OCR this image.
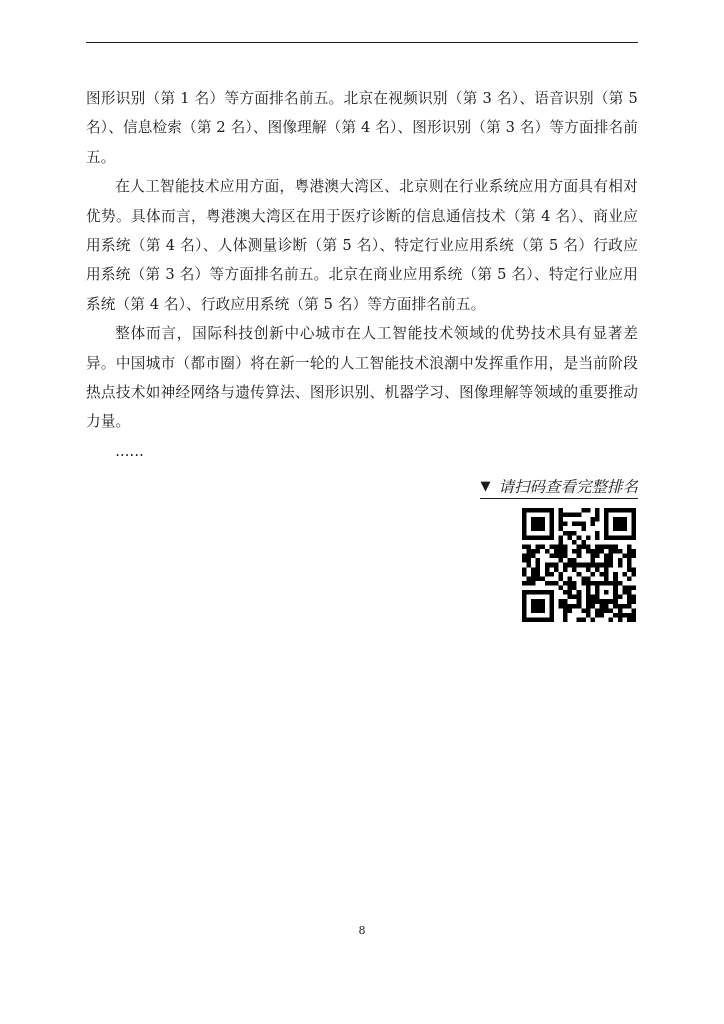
图形识别（第 1 名）等方面排名前五。北京在视频识别（第 3 名）、语音识别（第 5 名）、信息检索（第 2 名）、图像理解（第 4 名）、图形识别（第 3 名）等方面排名前五。

在人工智能技术应用方面，粤港澳大湾区、北京则在行业系统应用方面具有相对优势。具体而言，粤港澳大湾区在用于医疗诊断的信息通信技术（第 4 名）、商业应用系统（第 4 名）、人体测量诊断（第 5 名）、特定行业应用系统（第 5 名）行政应用系统（第 3 名）等方面排名前五。北京在商业应用系统（第 5 名）、特定行业应用系统（第 4 名）、行政应用系统（第 5 名）等方面排名前五。

整体而言，国际科技创新中心城市在人工智能技术领域的优势技术具有显著差异。中国城市（都市圈）将在新一轮的人工智能技术浪潮中发挥重作用，是当前阶段热点技术如神经网络与遗传算法、图形识别、机器学习、图像理解等领域的重要推动力量。

......

▼ 请扫码查看完整排名
8
